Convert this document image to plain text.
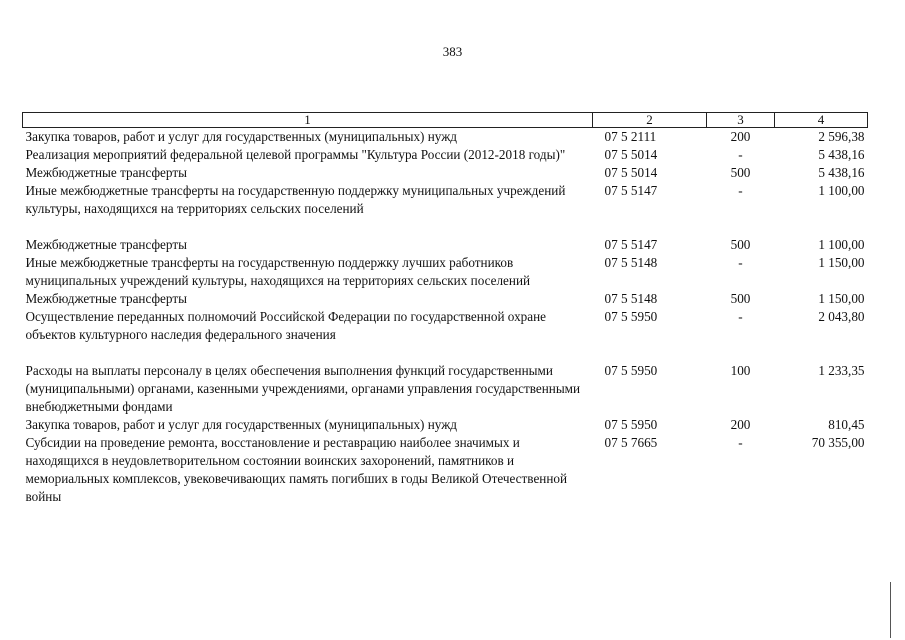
383
1	2	3	4
Закупка товаров, работ и услуг для государственных (муниципальных) нужд	07 5 2111	200	2 596,38
Реализация мероприятий федеральной целевой программы "Культура России (2012-2018 годы)"	07 5 5014	-	5 438,16
Межбюджетные трансферты	07 5 5014	500	5 438,16
Иные межбюджетные трансферты на государственную поддержку муниципальных учреждений культуры, находящихся на территориях сельских поселений	07 5 5147	-	1 100,00
Межбюджетные трансферты	07 5 5147	500	1 100,00
Иные межбюджетные трансферты на государственную поддержку лучших работников муниципальных учреждений культуры, находящихся на территориях сельских поселений	07 5 5148	-	1 150,00
Межбюджетные трансферты	07 5 5148	500	1 150,00
Осуществление переданных полномочий Российской Федерации по государственной охране объектов культурного наследия федерального значения	07 5 5950	-	2 043,80
Расходы на выплаты персоналу в целях обеспечения выполнения функций государственными (муниципальными) органами, казенными учреждениями, органами управления государственными внебюджетными фондами	07 5 5950	100	1 233,35
Закупка товаров, работ и услуг для государственных (муниципальных) нужд	07 5 5950	200	810,45
Субсидии на проведение ремонта, восстановление и реставрацию наиболее значимых и находящихся в неудовлетворительном состоянии воинских захоронений, памятников и мемориальных комплексов, увековечивающих память погибших в годы Великой Отечественной войны	07 5 7665	-	70 355,00
